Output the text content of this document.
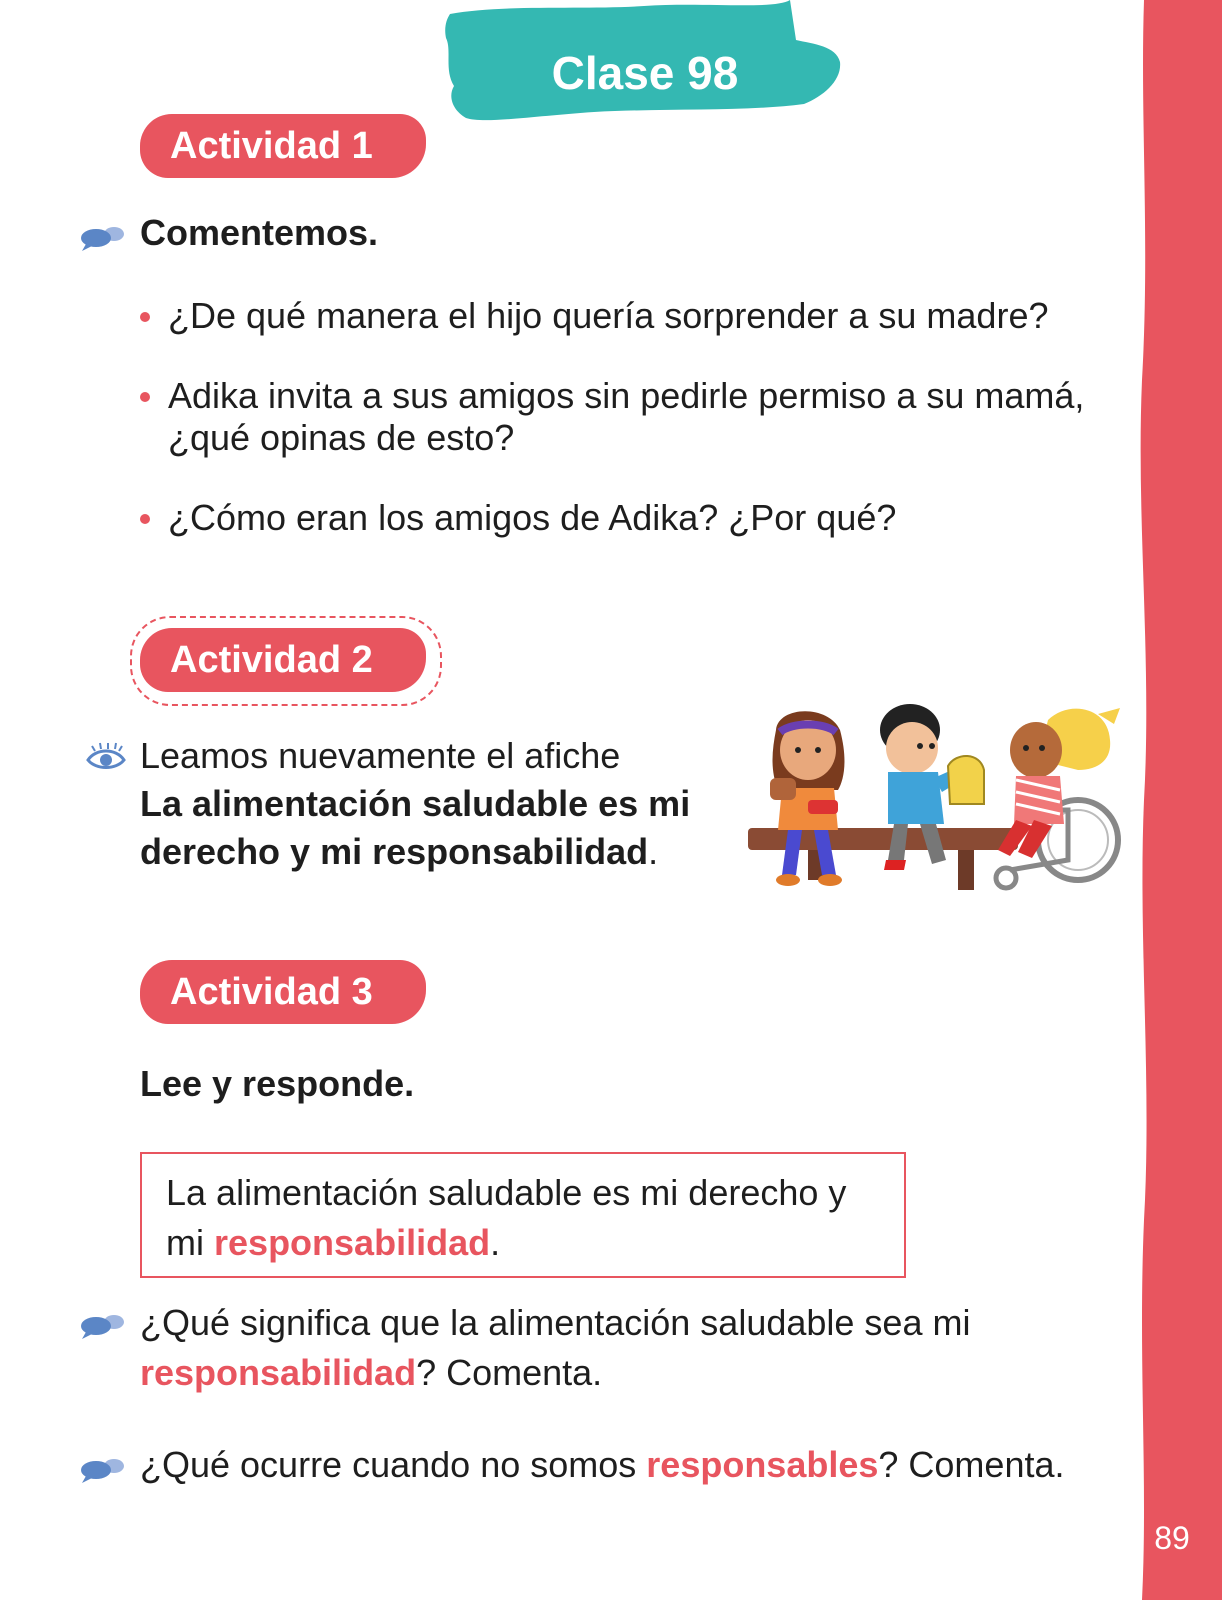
89
Clase 98
Actividad 1
Comentemos.
¿De qué manera el hijo quería sorprender a su madre?
Adika invita a sus amigos sin pedirle permiso a su mamá, ¿qué opinas de esto?
¿Cómo eran los amigos de Adika? ¿Por qué?
Actividad 2
Leamos nuevamente el afiche
La alimentación saludable es mi derecho y mi responsabilidad.
Actividad 3
Lee y responde.
La alimentación saludable es mi derecho y mi responsabilidad.
¿Qué significa que la alimentación saludable sea mi responsabilidad? Comenta.
¿Qué ocurre cuando no somos responsables? Comenta.
